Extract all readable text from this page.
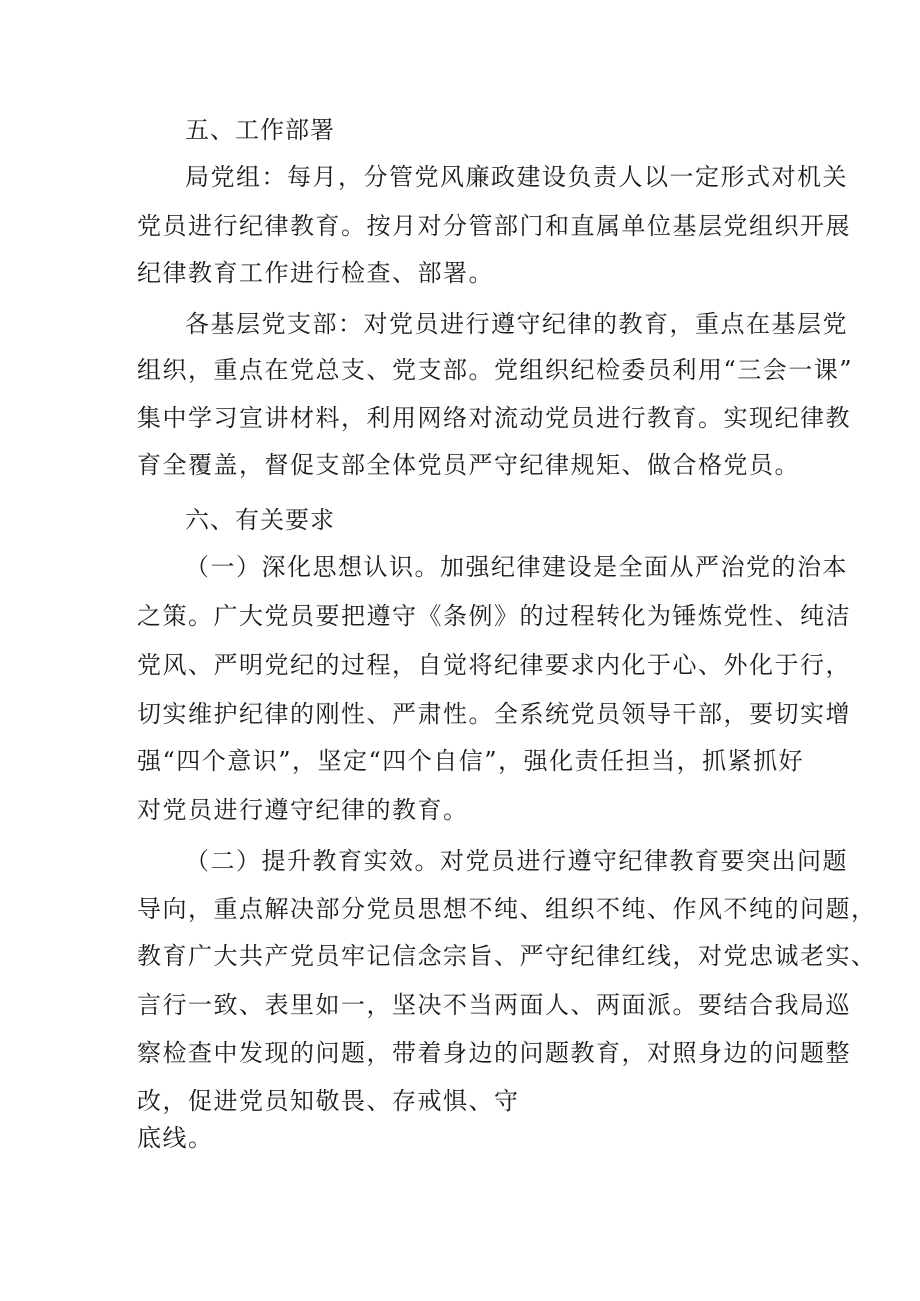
五、工作部署
局党组：每月，分管党风廉政建设负责人以一定形式对机关
党员进行纪律教育。按月对分管部门和直属单位基层党组织开展
纪律教育工作进行检查、部署。
各基层党支部：对党员进行遵守纪律的教育，重点在基层党
组织，重点在党总支、党支部。党组织纪检委员利用“三会一课”
集中学习宣讲材料，利用网络对流动党员进行教育。实现纪律教
育全覆盖，督促支部全体党员严守纪律规矩、做合格党员。
六、有关要求
（一）深化思想认识。加强纪律建设是全面从严治党的治本
之策。广大党员要把遵守《条例》的过程转化为锤炼党性、纯洁
党风、严明党纪的过程，自觉将纪律要求内化于心、外化于行，
切实维护纪律的刚性、严肃性。全系统党员领导干部，要切实增
强“四个意识”，坚定“四个自信”，强化责任担当，抓紧抓好
对党员进行遵守纪律的教育。
（二）提升教育实效。对党员进行遵守纪律教育要突出问题
导向，重点解决部分党员思想不纯、组织不纯、作风不纯的问题，
教育广大共产党员牢记信念宗旨、严守纪律红线，对党忠诚老实、
言行一致、表里如一，坚决不当两面人、两面派。要结合我局巡
察检查中发现的问题，带着身边的问题教育，对照身边的问题整
改，促进党员知敬畏、存戒惧、守
底线。
